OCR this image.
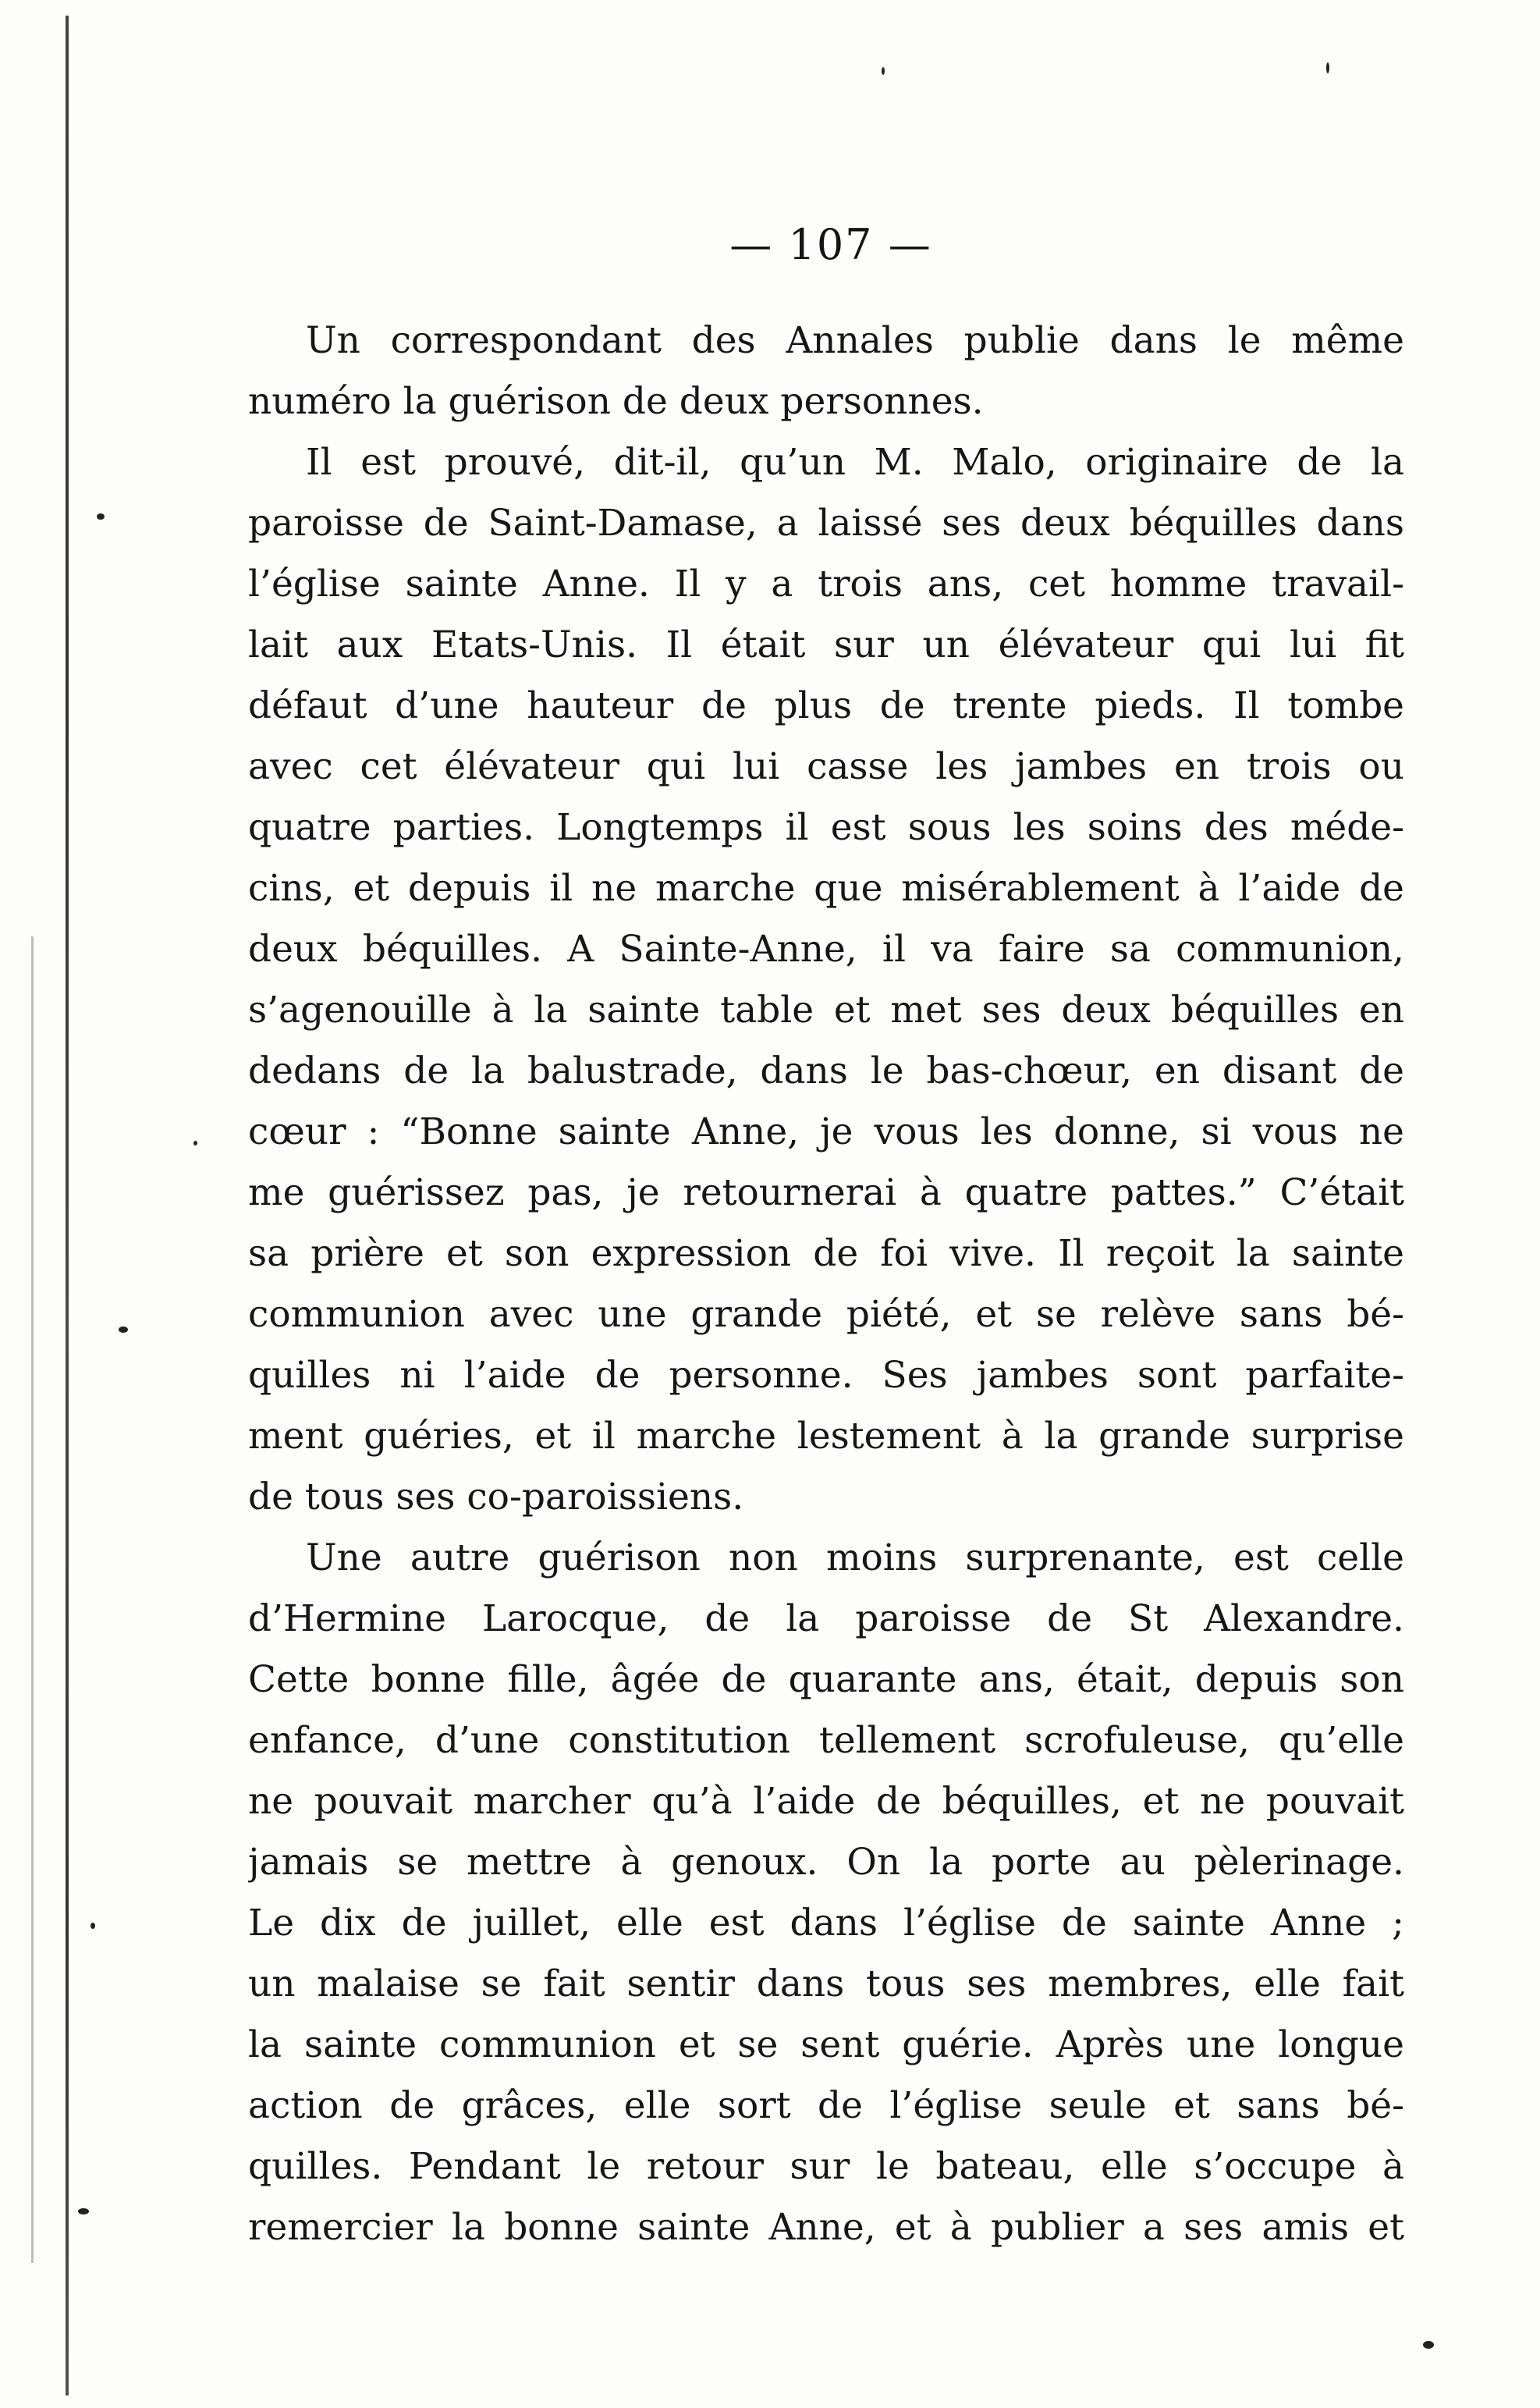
— 107 —
Un correspondant des Annales publie dans le même
numéro la guérison de deux personnes.
Il est prouvé, dit-il, qu’un M. Malo, originaire de la
paroisse de Saint-Damase, a laissé ses deux béquilles dans
l’église sainte Anne. Il y a trois ans, cet homme travail-
lait aux Etats-Unis. Il était sur un élévateur qui lui fit
défaut d’une hauteur de plus de trente pieds. Il tombe
avec cet élévateur qui lui casse les jambes en trois ou
quatre parties. Longtemps il est sous les soins des méde-
cins, et depuis il ne marche que misérablement à l’aide de
deux béquilles. A Sainte-Anne, il va faire sa communion,
s’agenouille à la sainte table et met ses deux béquilles en
dedans de la balustrade, dans le bas-chœur, en disant de
cœur : “Bonne sainte Anne, je vous les donne, si vous ne
me guérissez pas, je retournerai à quatre pattes.” C’était
sa prière et son expression de foi vive. Il reçoit la sainte
communion avec une grande piété, et se relève sans bé-
quilles ni l’aide de personne. Ses jambes sont parfaite-
ment guéries, et il marche lestement à la grande surprise
de tous ses co-paroissiens.
Une autre guérison non moins surprenante, est celle
d’Hermine Larocque, de la paroisse de St Alexandre.
Cette bonne fille, âgée de quarante ans, était, depuis son
enfance, d’une constitution tellement scrofuleuse, qu’elle
ne pouvait marcher qu’à l’aide de béquilles, et ne pouvait
jamais se mettre à genoux. On la porte au pèlerinage.
Le dix de juillet, elle est dans l’église de sainte Anne ;
un malaise se fait sentir dans tous ses membres, elle fait
la sainte communion et se sent guérie. Après une longue
action de grâces, elle sort de l’église seule et sans bé-
quilles. Pendant le retour sur le bateau, elle s’occupe à
remercier la bonne sainte Anne, et à publier a ses amis et
